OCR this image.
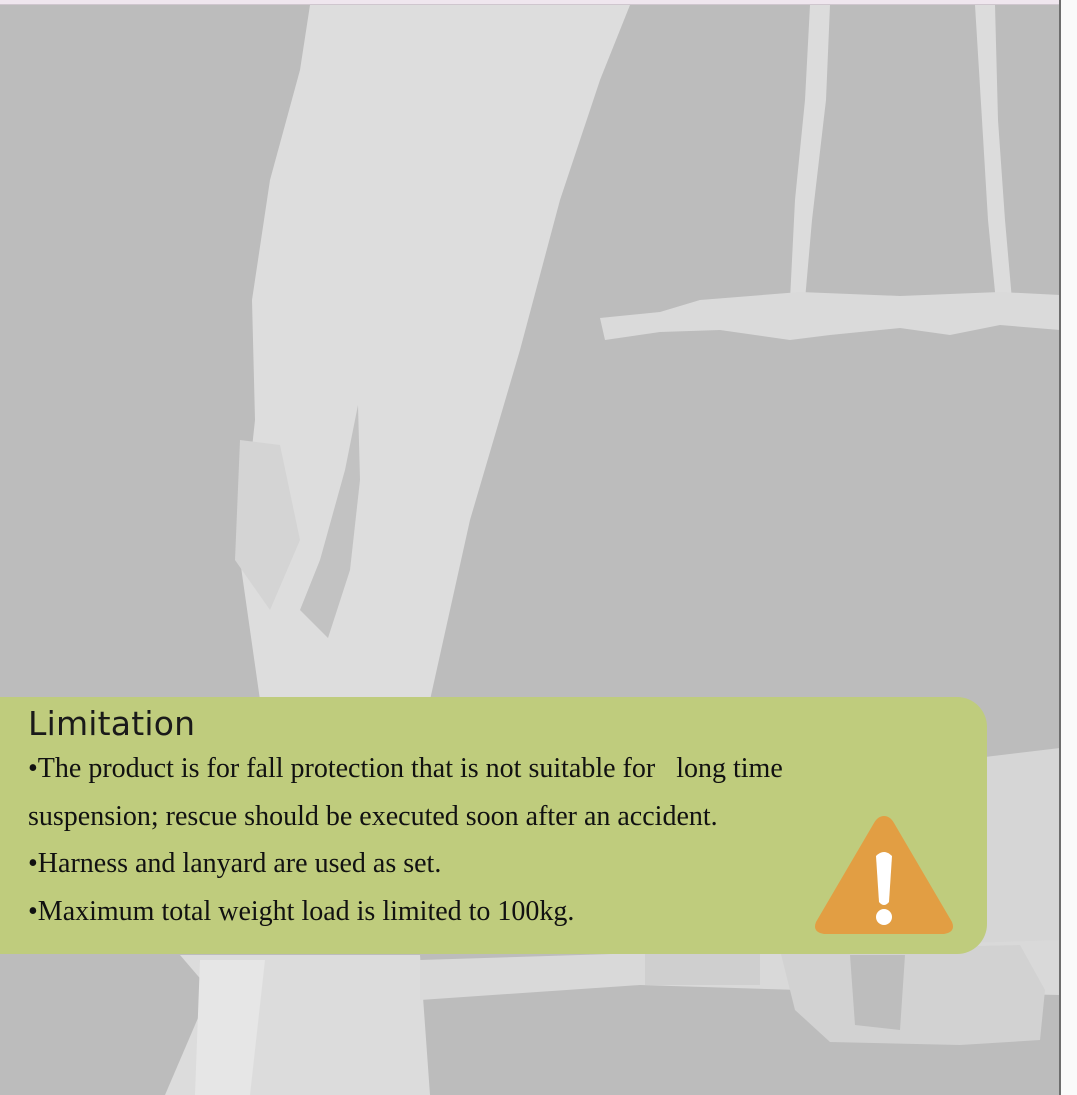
Limitation
•The product is for fall protection that is not suitable for   long time
suspension; rescue should be executed soon after an accident.
•Harness and lanyard are used as set.
•Maximum total weight load is limited to 100kg.
